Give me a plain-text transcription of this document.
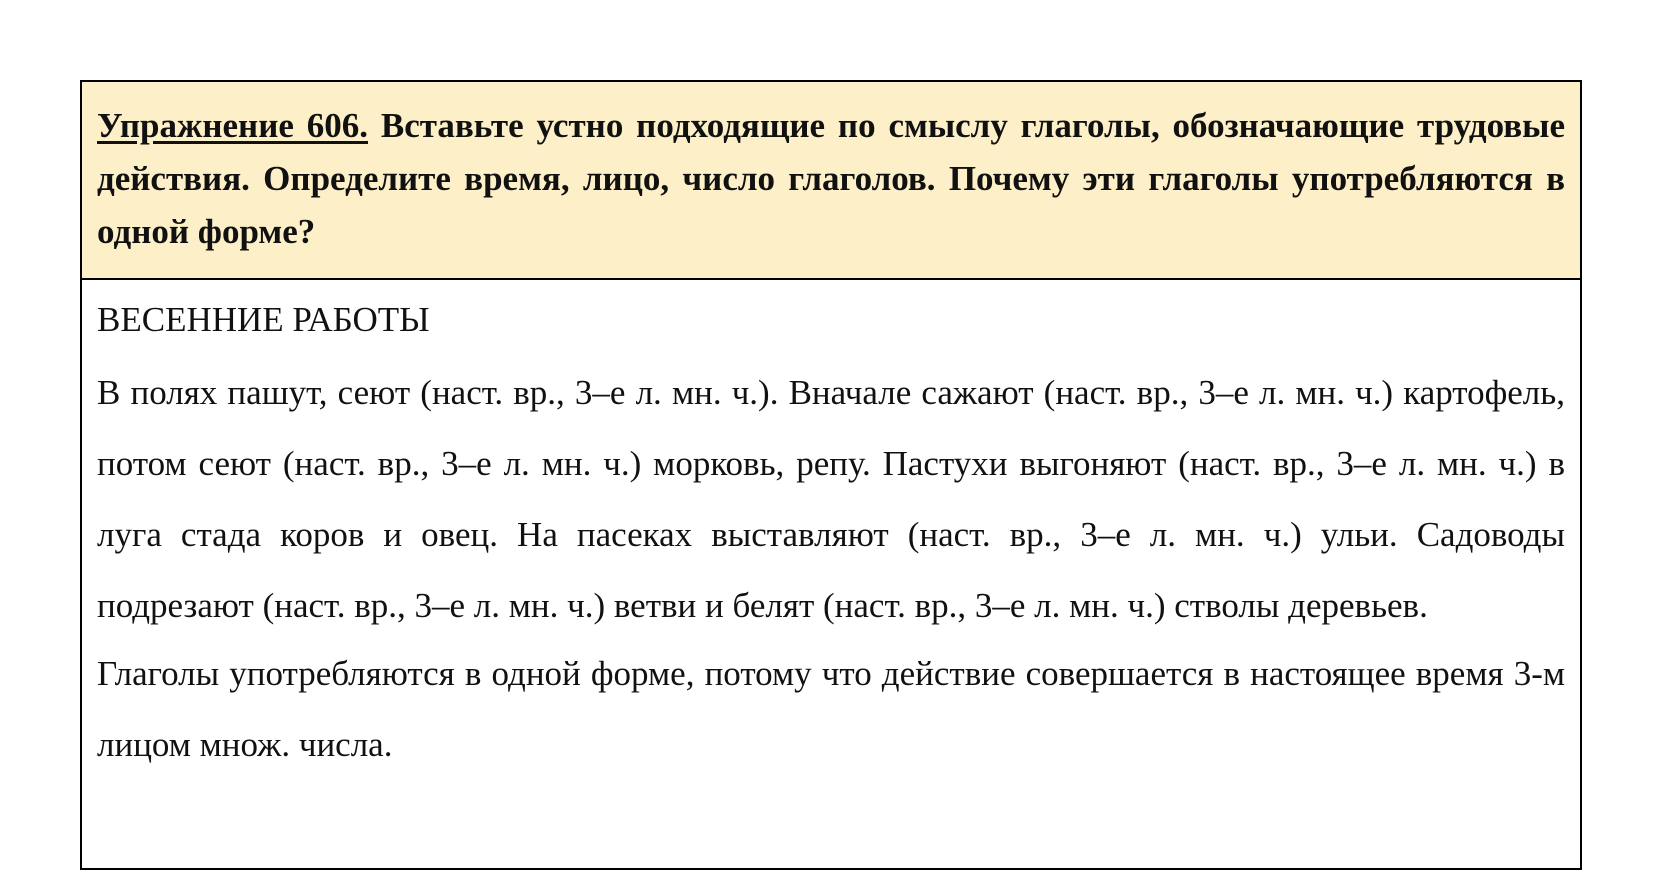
Упражнение 606. Вставьте устно подходящие по смыслу глаголы, обозначающие трудовые действия. Определите время, лицо, число глаголов. Почему эти глаголы употребляются в одной форме?
ВЕСЕННИЕ РАБОТЫ

В полях пашут, сеют (наст. вр., 3–е л. мн. ч.). Вначале сажают (наст. вр., 3–е л. мн. ч.) картофель, потом сеют (наст. вр., 3–е л. мн. ч.) морковь, репу. Пастухи выгоняют (наст. вр., 3–е л. мн. ч.) в луга стада коров и овец. На пасеках выставляют (наст. вр., 3–е л. мн. ч.) ульи. Садоводы подрезают (наст. вр., 3–е л. мн. ч.) ветви и белят (наст. вр., 3–е л. мн. ч.) стволы деревьев.

Глаголы употребляются в одной форме, потому что действие совершается в настоящее время 3-м лицом множ. числа.
